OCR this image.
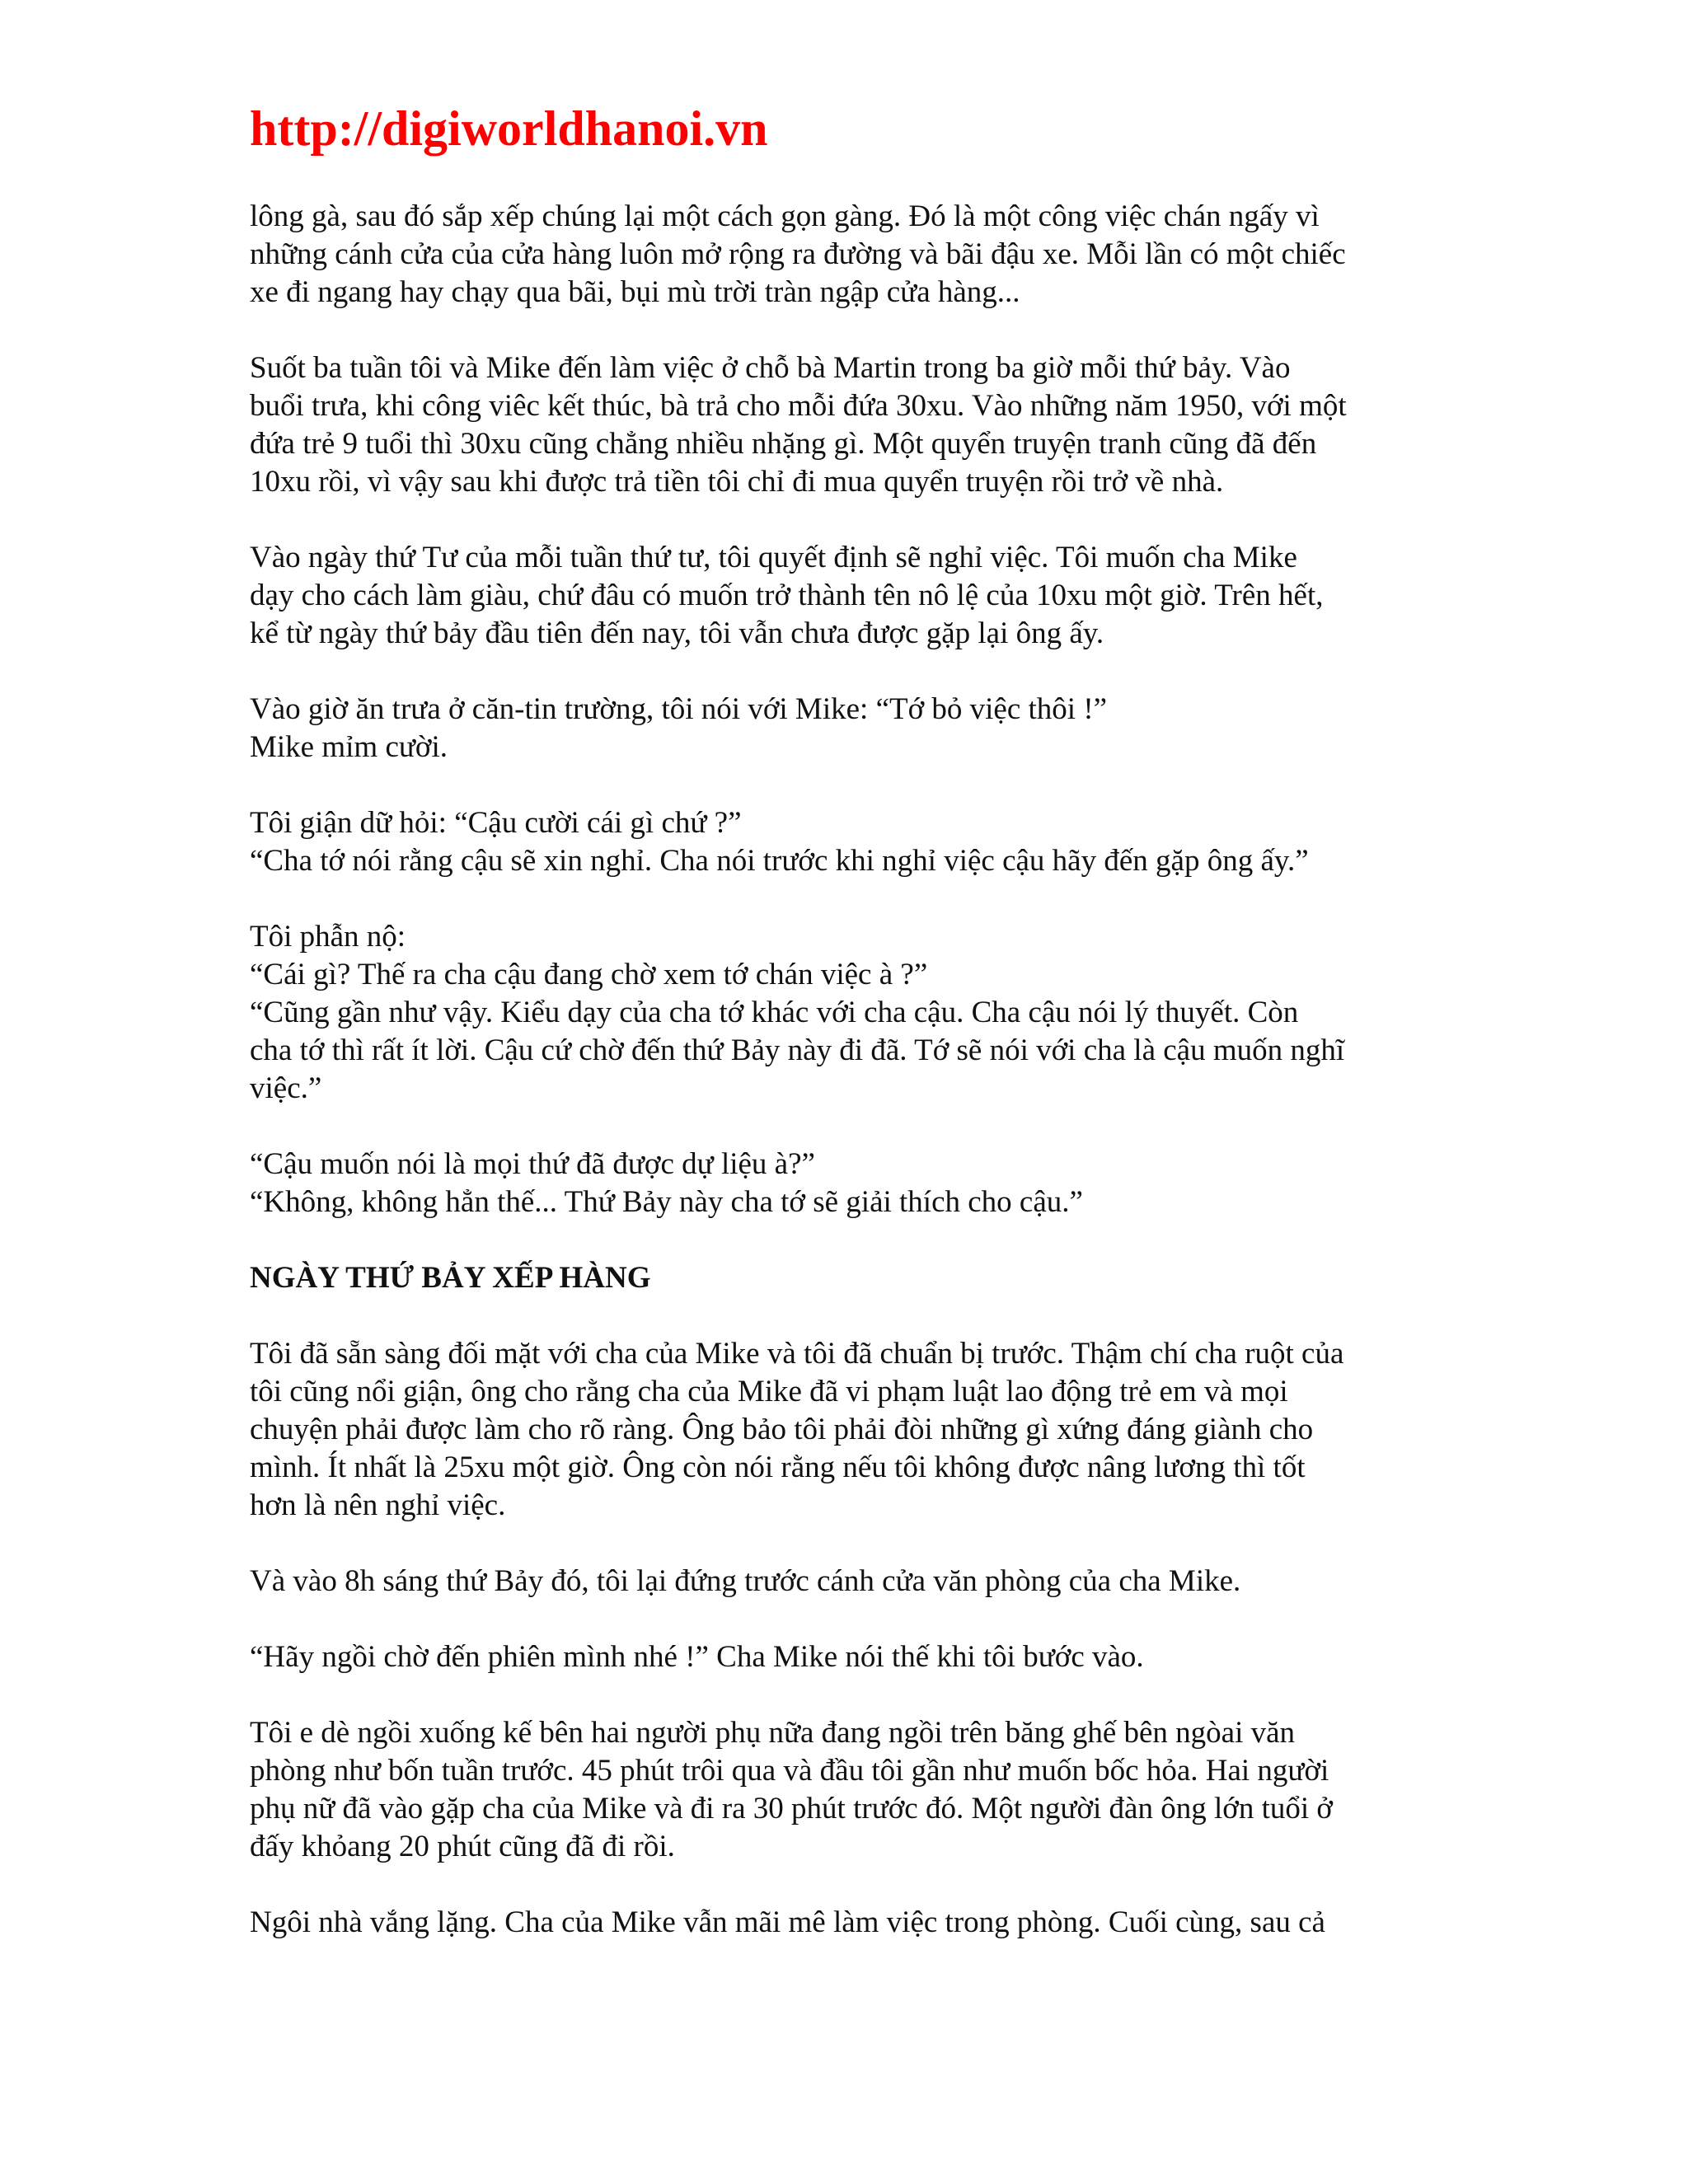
http://digiworldhanoi.vn
lông gà, sau đó sắp xếp chúng lại một cách gọn gàng. Đó là một công việc chán ngấy vì
những cánh cửa của cửa hàng luôn mở rộng ra đường và bãi đậu xe. Mỗi lần có một chiếc
xe đi ngang hay chạy qua bãi, bụi mù trời tràn ngập cửa hàng...
Suốt ba tuần tôi và Mike đến làm việc ở chỗ bà Martin trong ba giờ mỗi thứ bảy. Vào
buổi trưa, khi công viêc kết thúc, bà trả cho mỗi đứa 30xu. Vào những năm 1950, với một
đứa trẻ 9 tuổi thì 30xu cũng chẳng nhiều nhặng gì. Một quyển truyện tranh cũng đã đến
10xu rồi, vì vậy sau khi được trả tiền tôi chỉ đi mua quyển truyện rồi trở về nhà.
Vào ngày thứ Tư của mỗi tuần thứ tư, tôi quyết định sẽ nghỉ việc. Tôi muốn cha Mike
dạy cho cách làm giàu, chứ đâu có muốn trở thành tên nô lệ của 10xu một giờ. Trên hết,
kể từ ngày thứ bảy đầu tiên đến nay, tôi vẫn chưa được gặp lại ông ấy.
Vào giờ ăn trưa ở căn-tin trường, tôi nói với Mike: “Tớ bỏ việc thôi !”
Mike mỉm cười.
Tôi giận dữ hỏi: “Cậu cười cái gì chứ ?”
“Cha tớ nói rằng cậu sẽ xin nghỉ. Cha nói trước khi nghỉ việc cậu hãy đến gặp ông ấy.”
Tôi phẫn nộ:
“Cái gì? Thế ra cha cậu đang chờ xem tớ chán việc à ?”
“Cũng gần như vậy. Kiểu dạy của cha tớ khác với cha cậu. Cha cậu nói lý thuyết. Còn
cha tớ thì rất ít lời. Cậu cứ chờ đến thứ Bảy này đi đã. Tớ sẽ nói với cha là cậu muốn nghĩ
việc.”
“Cậu muốn nói là mọi thứ đã được dự liệu à?”
“Không, không hẳn thế... Thứ Bảy này cha tớ sẽ giải thích cho cậu.”
NGÀY THỨ BẢY XẾP HÀNG
Tôi đã sẵn sàng đối mặt với cha của Mike và tôi đã chuẩn bị trước. Thậm chí cha ruột của
tôi cũng nổi giận, ông cho rằng cha của Mike đã vi phạm luật lao động trẻ em và mọi
chuyện phải được làm cho rõ ràng. Ông bảo tôi phải đòi những gì xứng đáng giành cho
mình. Ít nhất là 25xu một giờ. Ông còn nói rằng nếu tôi không được nâng lương thì tốt
hơn là nên nghỉ việc.
Và vào 8h sáng thứ Bảy đó, tôi lại đứng trước cánh cửa văn phòng của cha Mike.
“Hãy ngồi chờ đến phiên mình nhé !” Cha Mike nói thế khi tôi bước vào.
Tôi e dè ngồi xuống kế bên hai người phụ nữa đang ngồi trên băng ghế bên ngòai văn
phòng như bốn tuần trước. 45 phút trôi qua và đầu tôi gần như muốn bốc hỏa. Hai người
phụ nữ đã vào gặp cha của Mike và đi ra 30 phút trước đó. Một người đàn ông lớn tuổi ở
đấy khỏang 20 phút cũng đã đi rồi.
Ngôi nhà vắng lặng. Cha của Mike vẫn mãi mê làm việc trong phòng. Cuối cùng, sau cả
